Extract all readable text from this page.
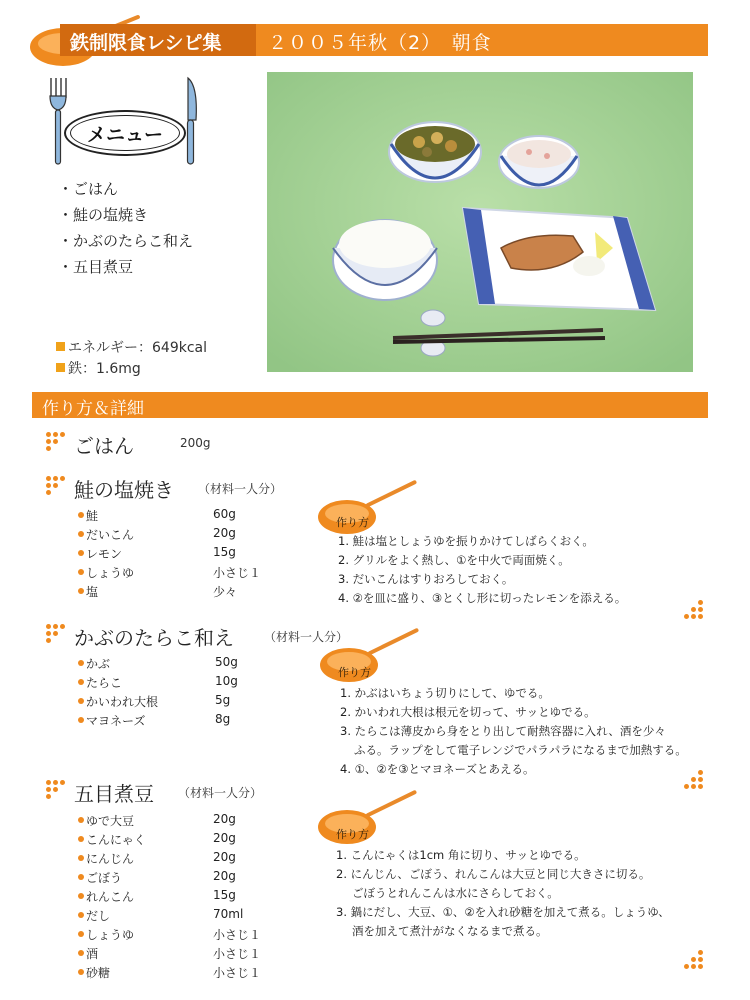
鉄制限食レシピ集 ２００５年秋（2）　朝食
メニュー
・ごはん
・鮭の塩焼き
・かぶのたらこ和え
・五目煮豆
エネルギー：649kcal
鉄：1.6mg
作り方＆詳細
ごはん	200g
鮭の塩焼き （材料一人分）
鮭	60g
だいこん	20g
レモン	15g
しょうゆ	小さじ１
塩	少々
作り方
1. 鮭は塩としょうゆを振りかけてしばらくおく。
2. グリルをよく熱し、①を中火で両面焼く。
3. だいこんはすりおろしておく。
4. ②を皿に盛り、③とくし形に切ったレモンを添える。
かぶのたらこ和え	（材料一人分）
かぶ	50g
たらこ	10g
かいわれ大根	5g
マヨネーズ	8g
作り方
1. かぶはいちょう切りにして、ゆでる。
2. かいわれ大根は根元を切って、サッとゆでる。
3. たらこは薄皮から身をとり出して耐熱容器に入れ、酒を少々
ふる。ラップをして電子レンジでパラパラになるまで加熱する。
4. ①、②を③とマヨネーズとあえる。
五目煮豆 （材料一人分）
ゆで大豆	20g
こんにゃく	20g
にんじん	20g
ごぼう	20g
れんこん	15g
だし	70ml
しょうゆ	小さじ１
酒	小さじ１
砂糖	小さじ１
作り方
1. こんにゃくは1cm 角に切り、サッとゆでる。
2. にんじん、ごぼう、れんこんは大豆と同じ大きさに切る。
ごぼうとれんこんは水にさらしておく。
3. 鍋にだし、大豆、①、②を入れ砂糖を加えて煮る。しょうゆ、
酒を加えて煮汁がなくなるまで煮る。
